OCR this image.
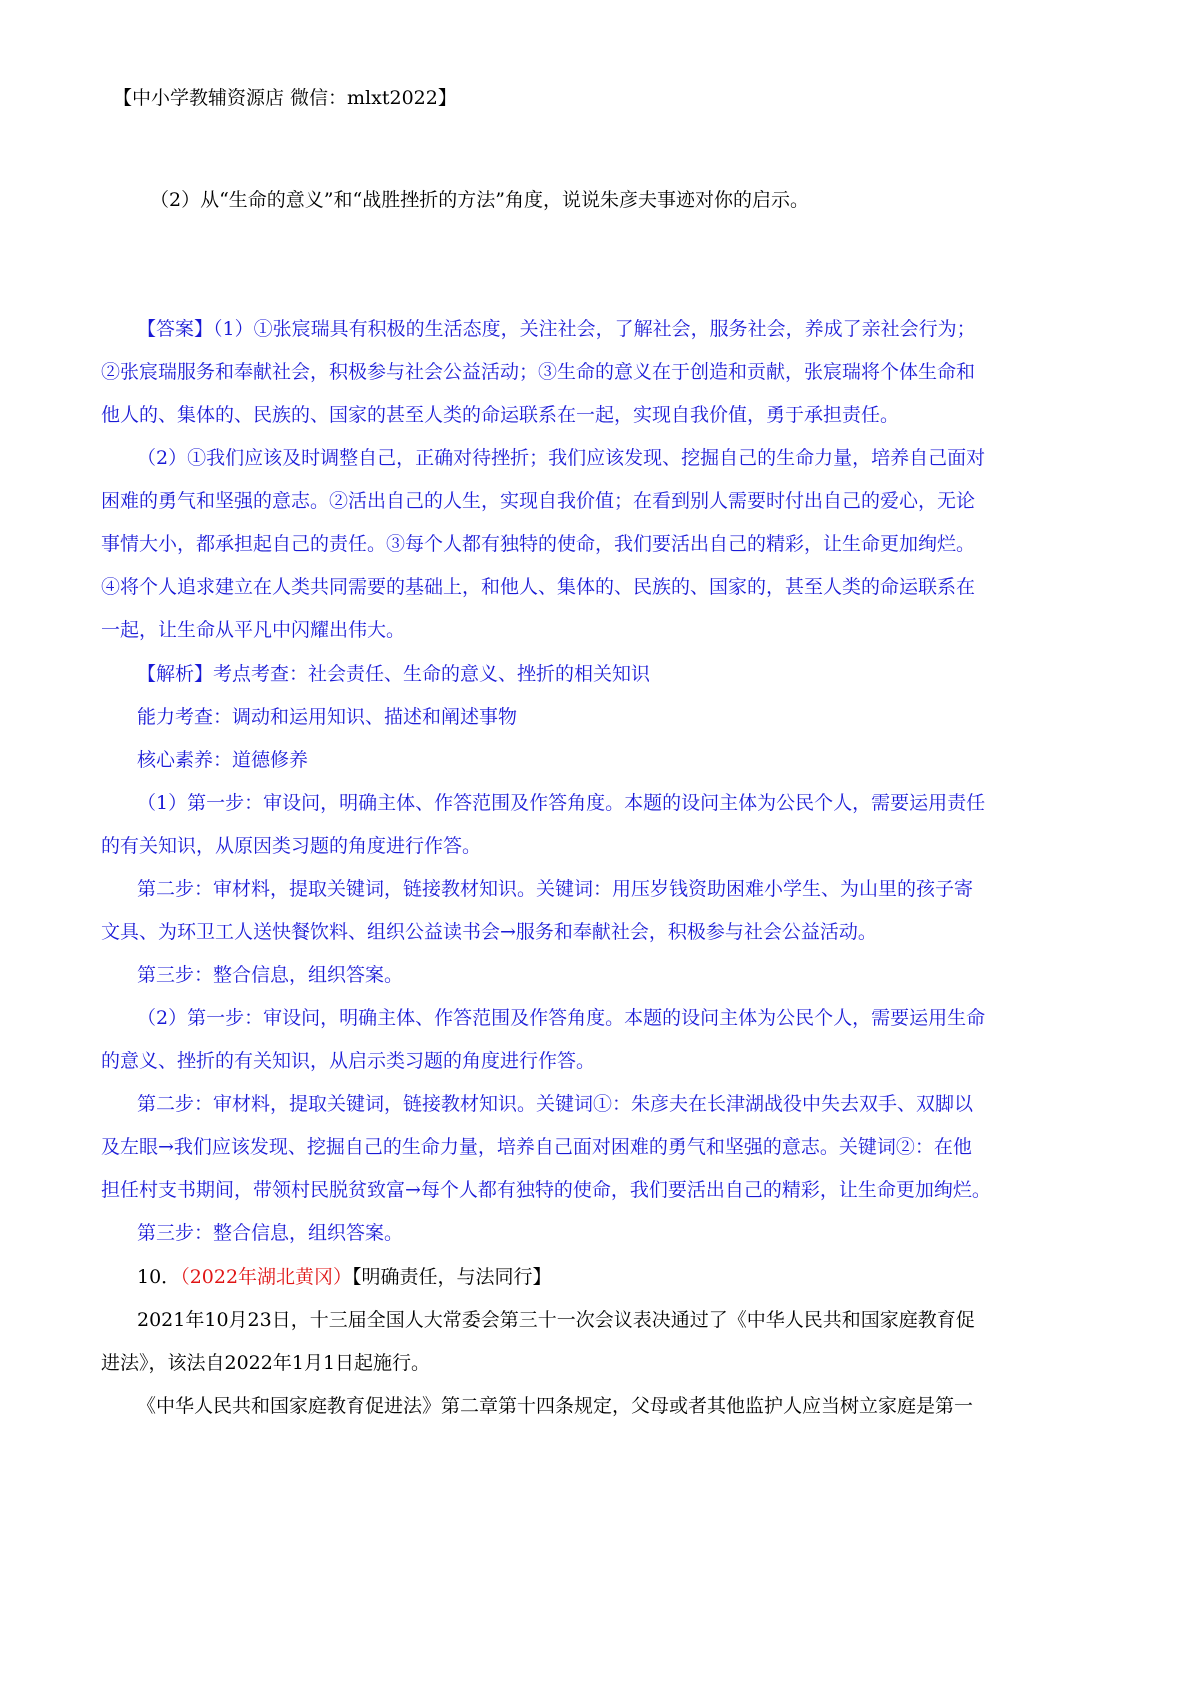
【中小学教辅资源店 微信：mlxt2022】
（2）从“生命的意义”和“战胜挫折的方法”角度，说说朱彦夫事迹对你的启示。
【答案】（1）①张宸瑞具有积极的生活态度，关注社会，了解社会，服务社会，养成了亲社会行为；
②张宸瑞服务和奉献社会，积极参与社会公益活动；③生命的意义在于创造和贡献，张宸瑞将个体生命和
他人的、集体的、民族的、国家的甚至人类的命运联系在一起，实现自我价值，勇于承担责任。
（2）①我们应该及时调整自己，正确对待挫折；我们应该发现、挖掘自己的生命力量，培养自己面对
困难的勇气和坚强的意志。②活出自己的人生，实现自我价值；在看到别人需要时付出自己的爱心，无论
事情大小，都承担起自己的责任。③每个人都有独特的使命，我们要活出自己的精彩，让生命更加绚烂。
④将个人追求建立在人类共同需要的基础上，和他人、集体的、民族的、国家的，甚至人类的命运联系在
一起，让生命从平凡中闪耀出伟大。
【解析】考点考查：社会责任、生命的意义、挫折的相关知识
能力考查：调动和运用知识、描述和阐述事物
核心素养：道德修养
（1）第一步：审设问，明确主体、作答范围及作答角度。本题的设问主体为公民个人，需要运用责任
的有关知识，从原因类习题的角度进行作答。
第二步：审材料，提取关键词，链接教材知识。关键词：用压岁钱资助困难小学生、为山里的孩子寄
文具、为环卫工人送快餐饮料、组织公益读书会→服务和奉献社会，积极参与社会公益活动。
第三步：整合信息，组织答案。
（2）第一步：审设问，明确主体、作答范围及作答角度。本题的设问主体为公民个人，需要运用生命
的意义、挫折的有关知识，从启示类习题的角度进行作答。
第二步：审材料，提取关键词，链接教材知识。关键词①：朱彦夫在长津湖战役中失去双手、双脚以
及左眼→我们应该发现、挖掘自己的生命力量，培养自己面对困难的勇气和坚强的意志。关键词②：在他
担任村支书期间，带领村民脱贫致富→每个人都有独特的使命，我们要活出自己的精彩，让生命更加绚烂。
第三步：整合信息，组织答案。
10．（2022年湖北黄冈）【明确责任，与法同行】
2021年10月23日，十三届全国人大常委会第三十一次会议表决通过了《中华人民共和国家庭教育促
进法》，该法自2022年1月1日起施行。
《中华人民共和国家庭教育促进法》第二章第十四条规定，父母或者其他监护人应当树立家庭是第一
